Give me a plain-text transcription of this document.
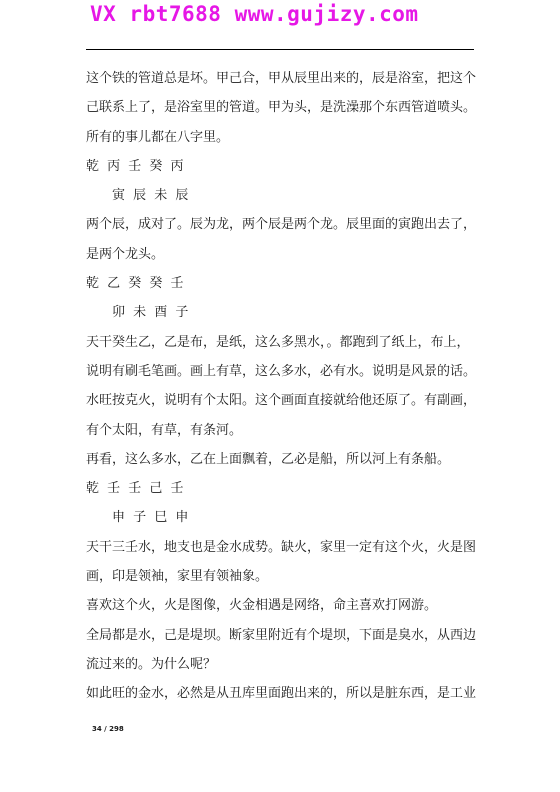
VX rbt7688 www.gujizy.com

这个铁的管道总是坏。甲己合，甲从辰里出来的，辰是浴室，把这个己联系上了，是浴室里的管道。甲为头，是洗澡那个东西管道喷头。所有的事儿都在八字里。

乾 丙 壬 癸 丙

寅 辰 未 辰

两个辰，成对了。辰为龙，两个辰是两个龙。辰里面的寅跑出去了，是两个龙头。

乾 乙 癸 癸 壬

卯 未 酉 子

天干癸生乙，乙是布，是纸，这么多黑水，。都跑到了纸上，布上，说明有刷毛笔画。画上有草，这么多水，必有水。说明是风景的话。水旺按克火，说明有个太阳。这个画面直接就给他还原了。有副画，有个太阳，有草，有条河。

再看，这么多水，乙在上面飘着，乙必是船，所以河上有条船。

乾 壬 壬 己 壬

申 子 巳 申

天干三壬水，地支也是金水成势。缺火，家里一定有这个火，火是图画，印是领袖，家里有领袖象。

喜欢这个火，火是图像，火金相遇是网络，命主喜欢打网游。

全局都是水，己是堤坝。断家里附近有个堤坝，下面是臭水，从西边流过来的。为什么呢？

如此旺的金水，必然是从丑库里面跑出来的，所以是脏东西，是工业

34 / 298
